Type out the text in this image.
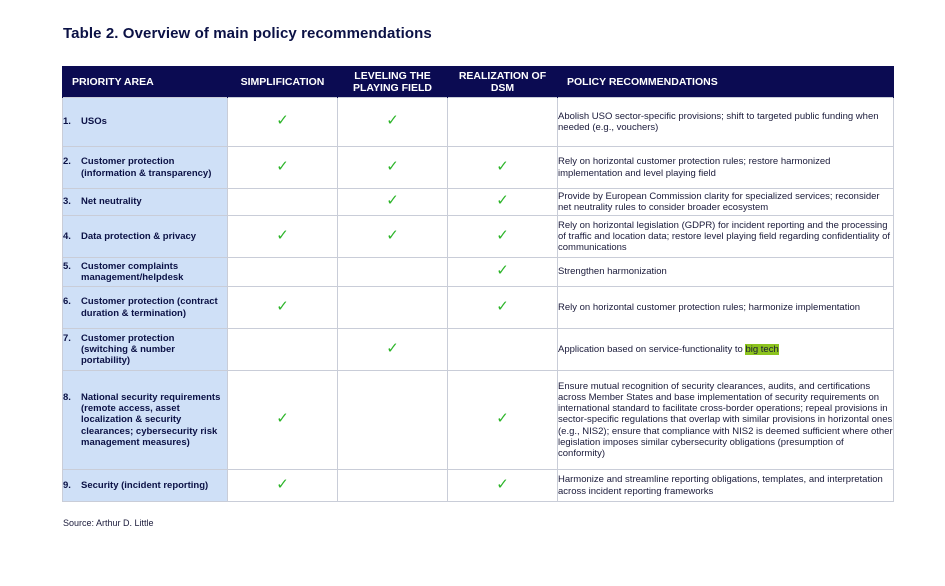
Table 2. Overview of main policy recommendations
PRIORITY AREA	SIMPLIFICATION	LEVELING THE PLAYING FIELD	REALIZATION OF DSM	POLICY RECOMMENDATIONS

1. USOs	✓	✓		Abolish USO sector-specific provisions; shift to targeted public funding when needed (e.g., vouchers)

2. Customer protection (information & transparency)	✓	✓	✓	Rely on horizontal customer protection rules; restore harmonized implementation and level playing field

3. Net neutrality		✓	✓	Provide by European Commission clarity for specialized services; reconsider net neutrality rules to consider broader ecosystem

4. Data protection & privacy	✓	✓	✓	Rely on horizontal legislation (GDPR) for incident reporting and the processing of traffic and location data; restore level playing field regarding confidentiality of communications

5. Customer complaints management/helpdesk			✓	Strengthen harmonization

6. Customer protection (contract duration & termination)	✓		✓	Rely on horizontal customer protection rules; harmonize implementation

7. Customer protection (switching & number portability)		✓		Application based on service-functionality to big tech

8. National security requirements (remote access, asset localization & security clearances; cybersecurity risk management measures)	✓		✓	Ensure mutual recognition of security clearances, audits, and certifications across Member States and base implementation of security requirements on international standard to facilitate cross-border operations; repeal provisions in sector-specific regulations that overlap with similar provisions in horizontal ones (e.g., NIS2); ensure that compliance with NIS2 is deemed sufficient where other legislation imposes similar cybersecurity obligations (presumption of conformity)

9. Security (incident reporting)	✓		✓	Harmonize and streamline reporting obligations, templates, and interpretation across incident reporting frameworks
Source: Arthur D. Little
